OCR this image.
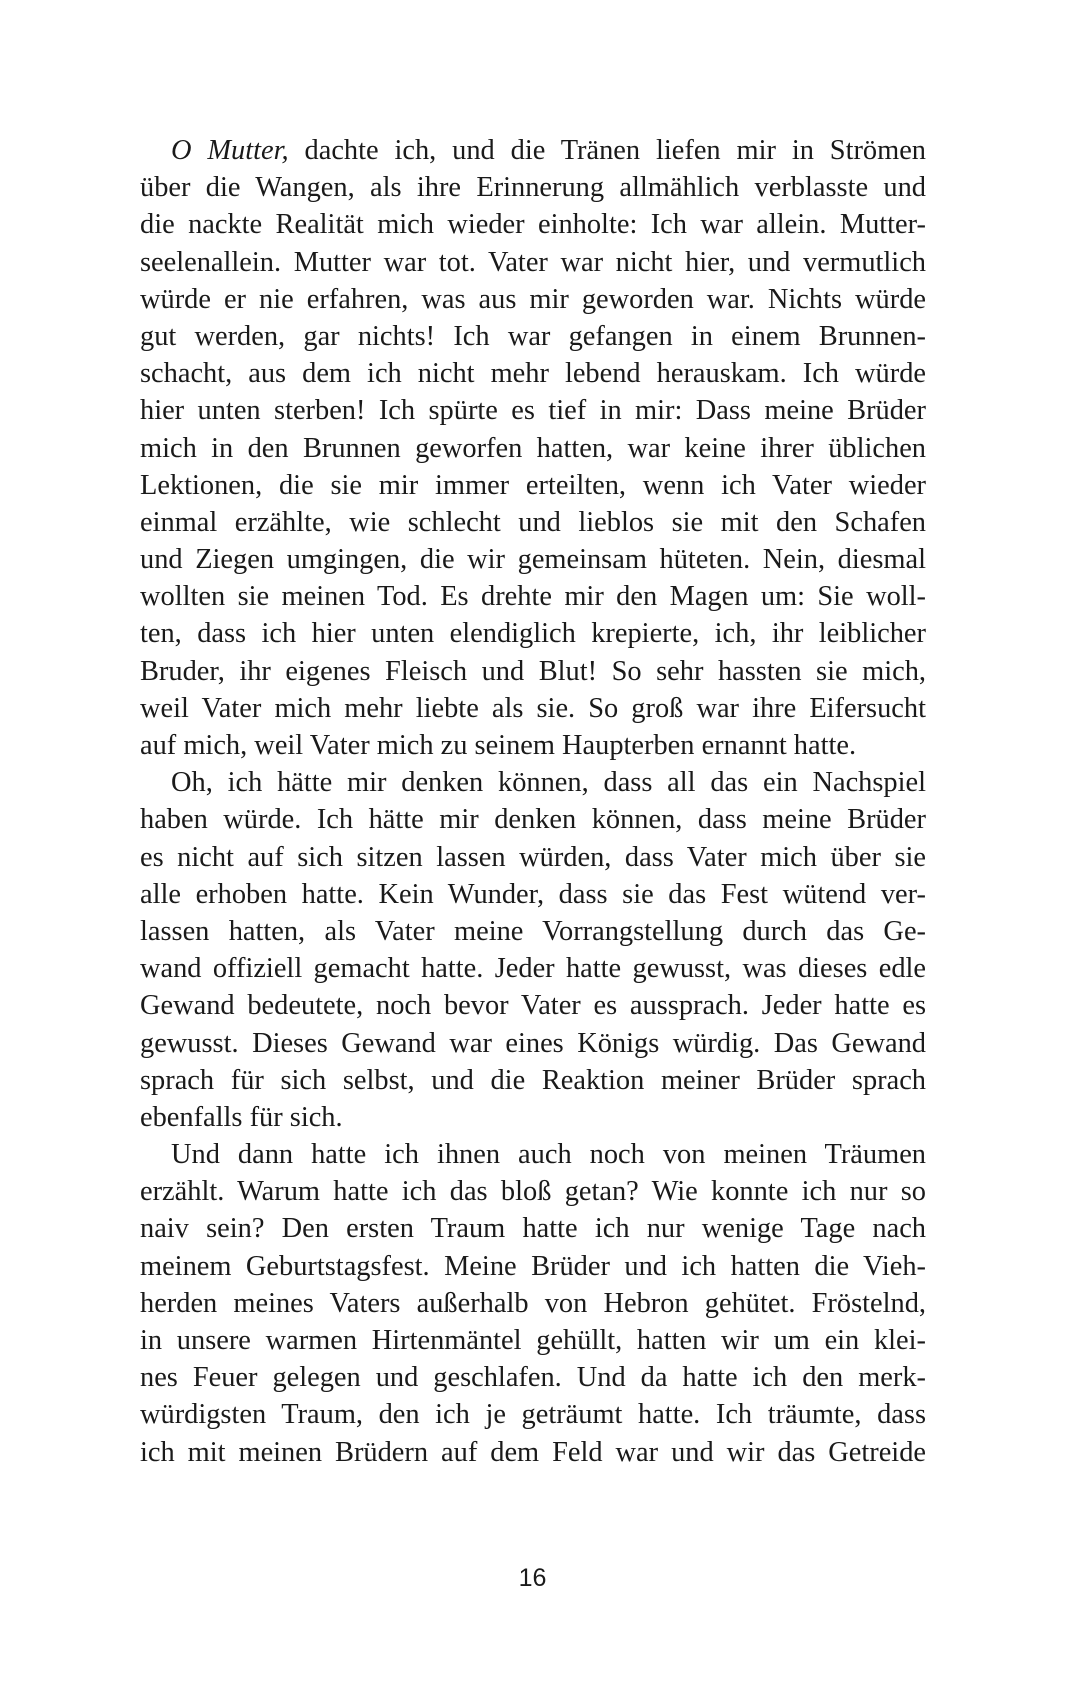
O Mutter, dachte ich, und die Tränen liefen mir in Strömen
über die Wangen, als ihre Erinnerung allmählich verblasste und
die nackte Realität mich wieder einholte: Ich war allein. Mutter-
seelenallein. Mutter war tot. Vater war nicht hier, und vermutlich
würde er nie erfahren, was aus mir geworden war. Nichts würde
gut werden, gar nichts! Ich war gefangen in einem Brunnen-
schacht, aus dem ich nicht mehr lebend herauskam. Ich würde
hier unten sterben! Ich spürte es tief in mir: Dass meine Brüder
mich in den Brunnen geworfen hatten, war keine ihrer üblichen
Lektionen, die sie mir immer erteilten, wenn ich Vater wieder
einmal erzählte, wie schlecht und lieblos sie mit den Schafen
und Ziegen umgingen, die wir gemeinsam hüteten. Nein, diesmal
wollten sie meinen Tod. Es drehte mir den Magen um: Sie woll-
ten, dass ich hier unten elendiglich krepierte, ich, ihr leiblicher
Bruder, ihr eigenes Fleisch und Blut! So sehr hassten sie mich,
weil Vater mich mehr liebte als sie. So groß war ihre Eifersucht
auf mich, weil Vater mich zu seinem Haupterben ernannt hatte.
Oh, ich hätte mir denken können, dass all das ein Nachspiel
haben würde. Ich hätte mir denken können, dass meine Brüder
es nicht auf sich sitzen lassen würden, dass Vater mich über sie
alle erhoben hatte. Kein Wunder, dass sie das Fest wütend ver-
lassen hatten, als Vater meine Vorrangstellung durch das Ge-
wand offiziell gemacht hatte. Jeder hatte gewusst, was dieses edle
Gewand bedeutete, noch bevor Vater es aussprach. Jeder hatte es
gewusst. Dieses Gewand war eines Königs würdig. Das Gewand
sprach für sich selbst, und die Reaktion meiner Brüder sprach
ebenfalls für sich.
Und dann hatte ich ihnen auch noch von meinen Träumen
erzählt. Warum hatte ich das bloß getan? Wie konnte ich nur so
naiv sein? Den ersten Traum hatte ich nur wenige Tage nach
meinem Geburtstagsfest. Meine Brüder und ich hatten die Vieh-
herden meines Vaters außerhalb von Hebron gehütet. Fröstelnd,
in unsere warmen Hirtenmäntel gehüllt, hatten wir um ein klei-
nes Feuer gelegen und geschlafen. Und da hatte ich den merk-
würdigsten Traum, den ich je geträumt hatte. Ich träumte, dass
ich mit meinen Brüdern auf dem Feld war und wir das Getreide
16
